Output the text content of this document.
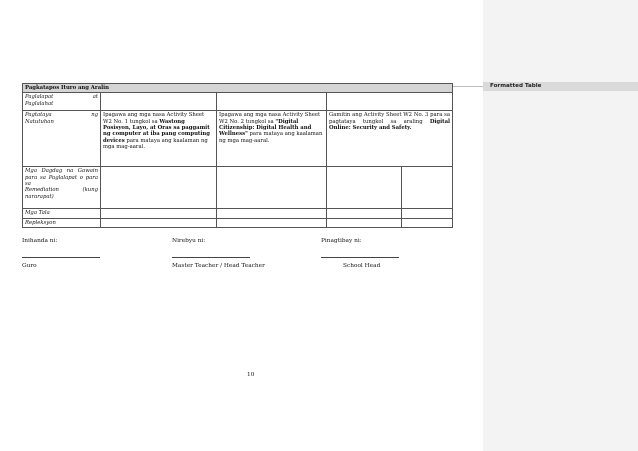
Formatted Table
Pagkatapos Ituro ang Aralin				

Paglalapat at
Paglalahat				

Pagtataya ng
Natutuhan	Ipagawa ang mga nasa Activity Sheet W2 No. 1 tungkol sa Wastong Posisyon, Layo, at Oras sa paggamit ng computer at iba pang computing devices para mataya ang kaalaman ng mga mag-aaral.	Ipagawa ang mga nasa Activity Sheet W2 No. 2 tungkol sa "Digital Citizenship: Digital Health and Wellness" para mataya ang kaalaman ng mga mag-aaral.	Gamitin ang Activity Sheet W2 No. 3 para sa pagtataya tungkol sa araling Digital Online: Security and Safety.	

Mga Dagdag na Gawain para sa Paglalapat o para sa
Remediation (kung
nararapat)				

Mga Tala				
Repleksyon				
Inihanda ni:	Nirebyu ni:	Pinagtibay ni:
Guro	Master Teacher / Head Teacher	School Head
10
